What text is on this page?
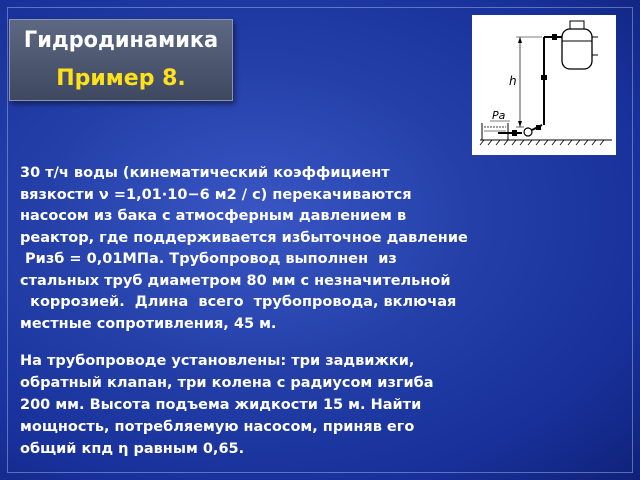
Гидродинамика
Пример 8.	h
Pa
30 т/ч воды (кинематический коэффициент
вязкости ν =1,01·10−6 м2 / с) перекачиваются
насосом из бака с атмосферным давлением в
реактор, где поддерживается избыточное давление
Ризб = 0,01МПа. Трубопровод выполнен  из
стальных труб диаметром 80 мм с незначительной
коррозией.  Длина  всего  трубопровода, включая
местные сопротивления, 45 м.
На трубопроводе установлены: три задвижки,
обратный клапан, три колена с радиусом изгиба
200 мм. Высота подъема жидкости 15 м. Найти
мощность, потребляемую насосом, приняв его
общий кпд η равным 0,65.
